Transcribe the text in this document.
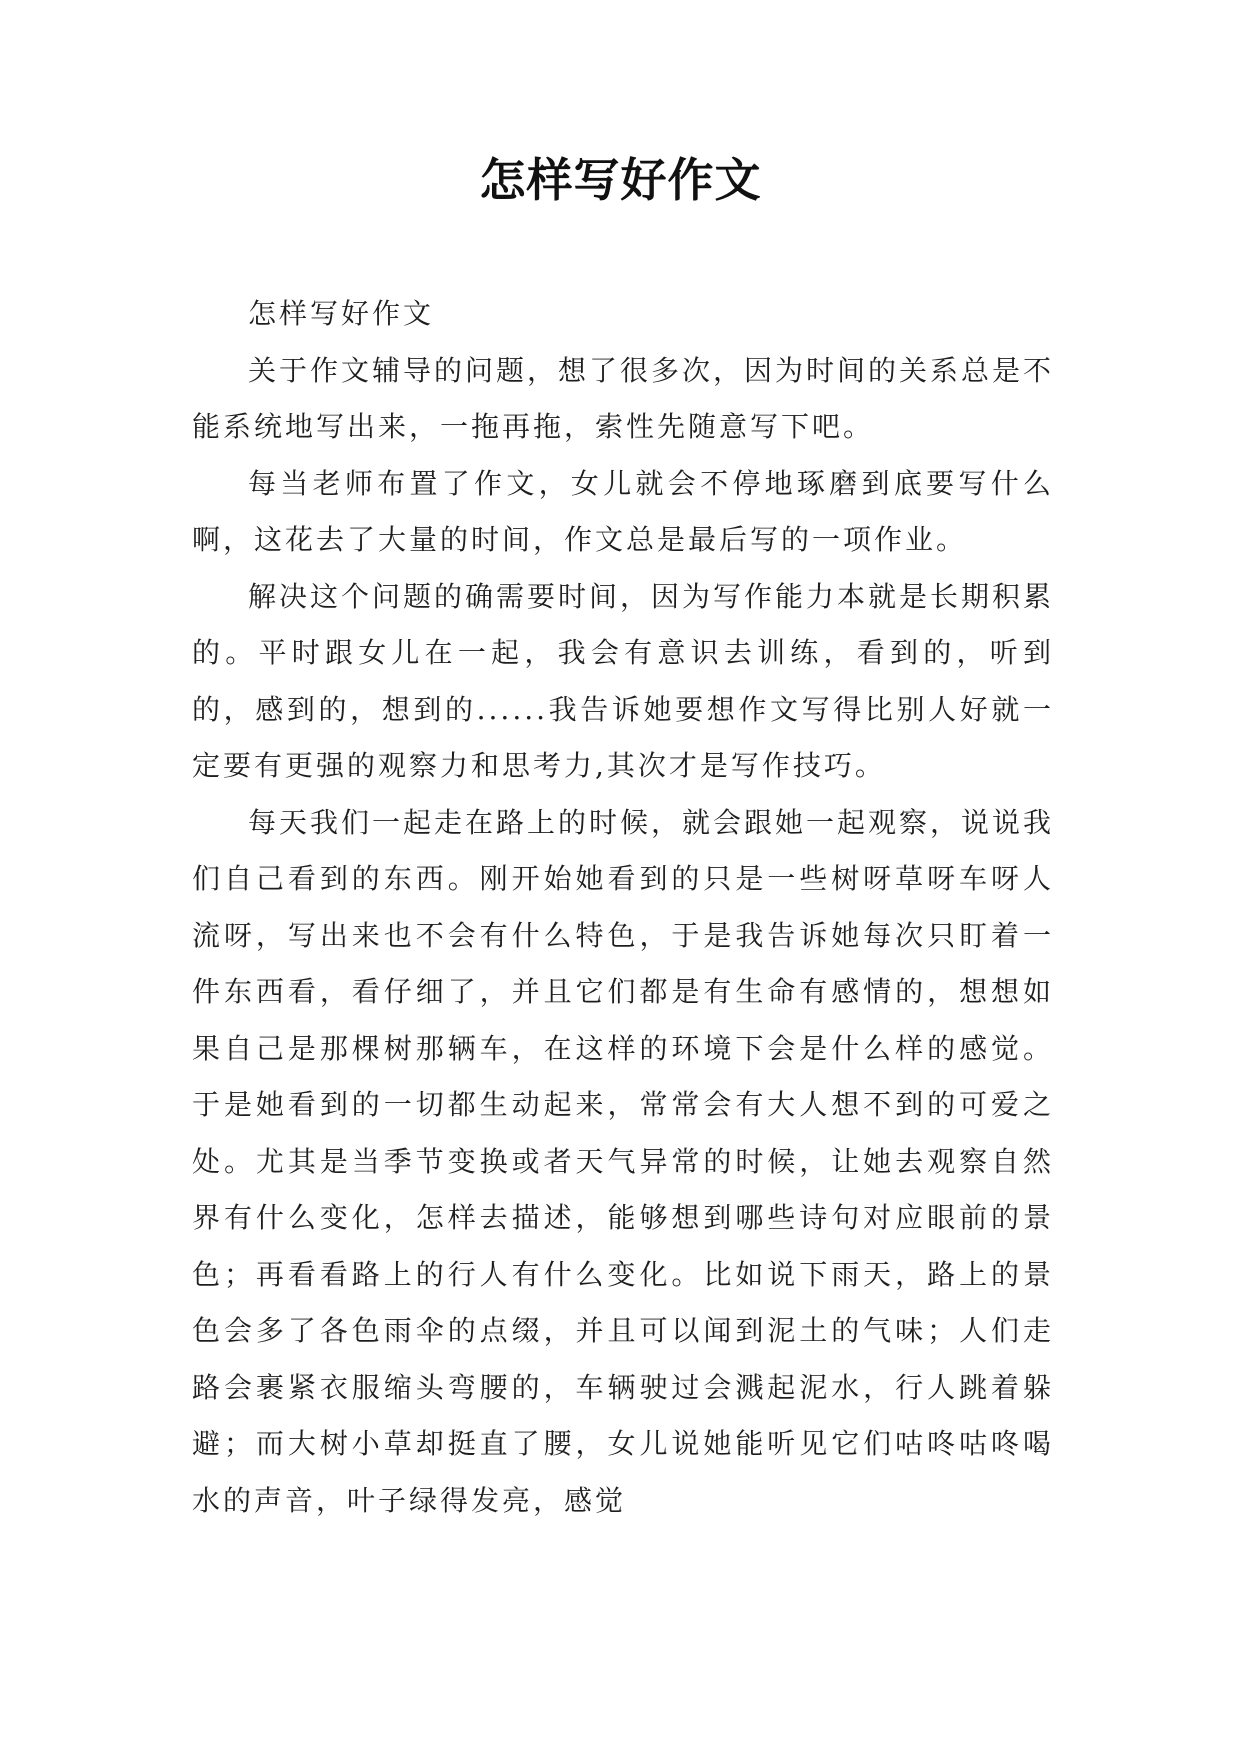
怎样写好作文

怎样写好作文

关于作文辅导的问题，想了很多次，因为时间的关系总是不能系统地写出来，一拖再拖，索性先随意写下吧。

每当老师布置了作文，女儿就会不停地琢磨到底要写什么啊，这花去了大量的时间，作文总是最后写的一项作业。

解决这个问题的确需要时间，因为写作能力本就是长期积累的。平时跟女儿在一起，我会有意识去训练，看到的，听到的，感到的，想到的......我告诉她要想作文写得比别人好就一定要有更强的观察力和思考力,其次才是写作技巧。

每天我们一起走在路上的时候，就会跟她一起观察，说说我们自己看到的东西。刚开始她看到的只是一些树呀草呀车呀人流呀，写出来也不会有什么特色，于是我告诉她每次只盯着一件东西看，看仔细了，并且它们都是有生命有感情的，想想如果自己是那棵树那辆车，在这样的环境下会是什么样的感觉。于是她看到的一切都生动起来，常常会有大人想不到的可爱之处。尤其是当季节变换或者天气异常的时候，让她去观察自然界有什么变化，怎样去描述，能够想到哪些诗句对应眼前的景色；再看看路上的行人有什么变化。比如说下雨天，路上的景色会多了各色雨伞的点缀，并且可以闻到泥土的气味；人们走路会裹紧衣服缩头弯腰的，车辆驶过会溅起泥水，行人跳着躲避；而大树小草却挺直了腰，女儿说她能听见它们咕咚咕咚喝水的声音，叶子绿得发亮，感觉
